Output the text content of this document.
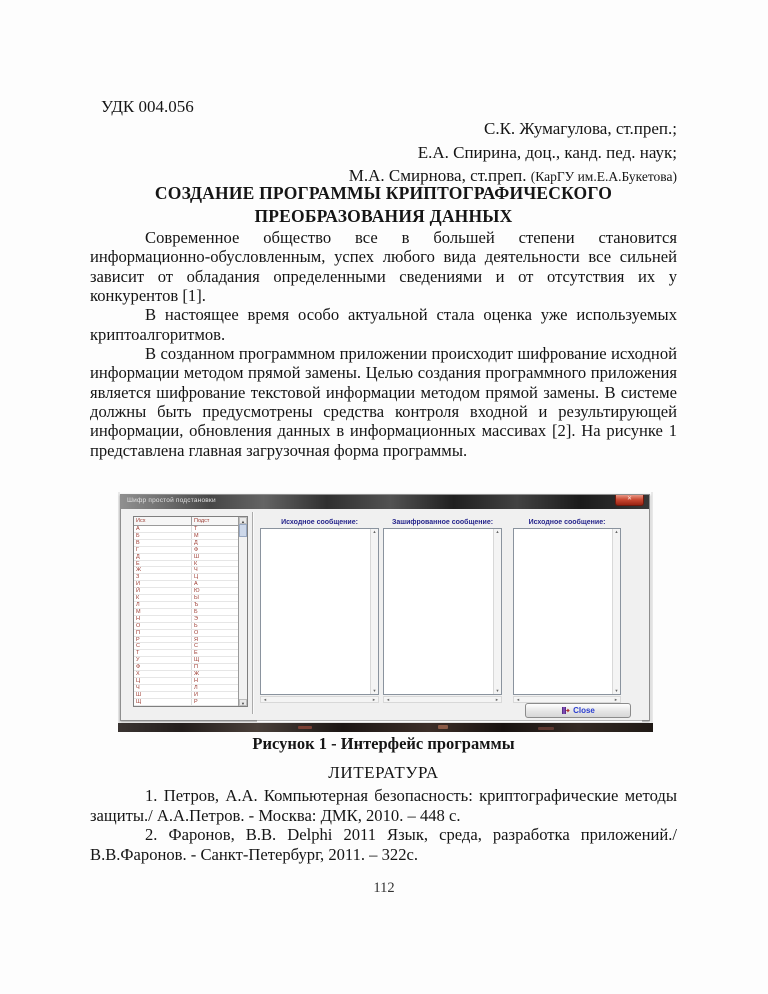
УДК 004.056
С.К. Жумагулова, ст.преп.;
Е.А. Спирина, доц., канд. пед. наук;
М.А. Смирнова, ст.преп. (КарГУ им.Е.А.Букетова)
СОЗДАНИЕ ПРОГРАММЫ КРИПТОГРАФИЧЕСКОГО
ПРЕОБРАЗОВАНИЯ ДАННЫХ

Современное общество все в большей степени становится информационно-обусловленным, успех любого вида деятельности все сильней зависит от обладания определенными сведениями и от отсутствия их у конкурентов [1].

В настоящее время особо актуальной стала оценка уже используемых криптоалгоритмов.

В созданном программном приложении происходит шифрование исходной информации методом прямой замены. Целью создания программного приложения является шифрование текстовой информации методом прямой замены. В системе должны быть предусмотрены средства контроля входной и результирующей информации, обновления данных в информационных массивах [2]. На рисунке 1 представлена главная загрузочная форма программы.

Шифр простой подстановки	✕
Исх	Подст
А	Т
Б	М
В	Д
Г	Ф
Д	Ш
Е	К
Ж	Ч
З	Ц
И	А
Й	Ю
К	Ы
Л	Ъ
М	Б
Н	Э
О	Ь
П	О
Р	Я
С	С
Т	Е
У	Щ
Ф	П
Х	Ж
Ц	Н
Ч	Л
Ш	И
Щ	Р
▲
▼
Исходное сообщение:
▲
▼
◄	►
Зашифрованное сообщение:
▲
▼
◄	►
Исходное сообщение:
▲
▼
◄	►
Close
Рисунок 1 - Интерфейс программы
ЛИТЕРАТУРА

1. Петров, А.А. Компьютерная безопасность: криптографические методы защиты./ А.А.Петров. - Москва: ДМК, 2010. – 448 с.

2. Фаронов, В.В. Delphi 2011 Язык, среда, разработка приложений./ В.В.Фаронов. - Санкт-Петербург, 2011. – 322с.

112
